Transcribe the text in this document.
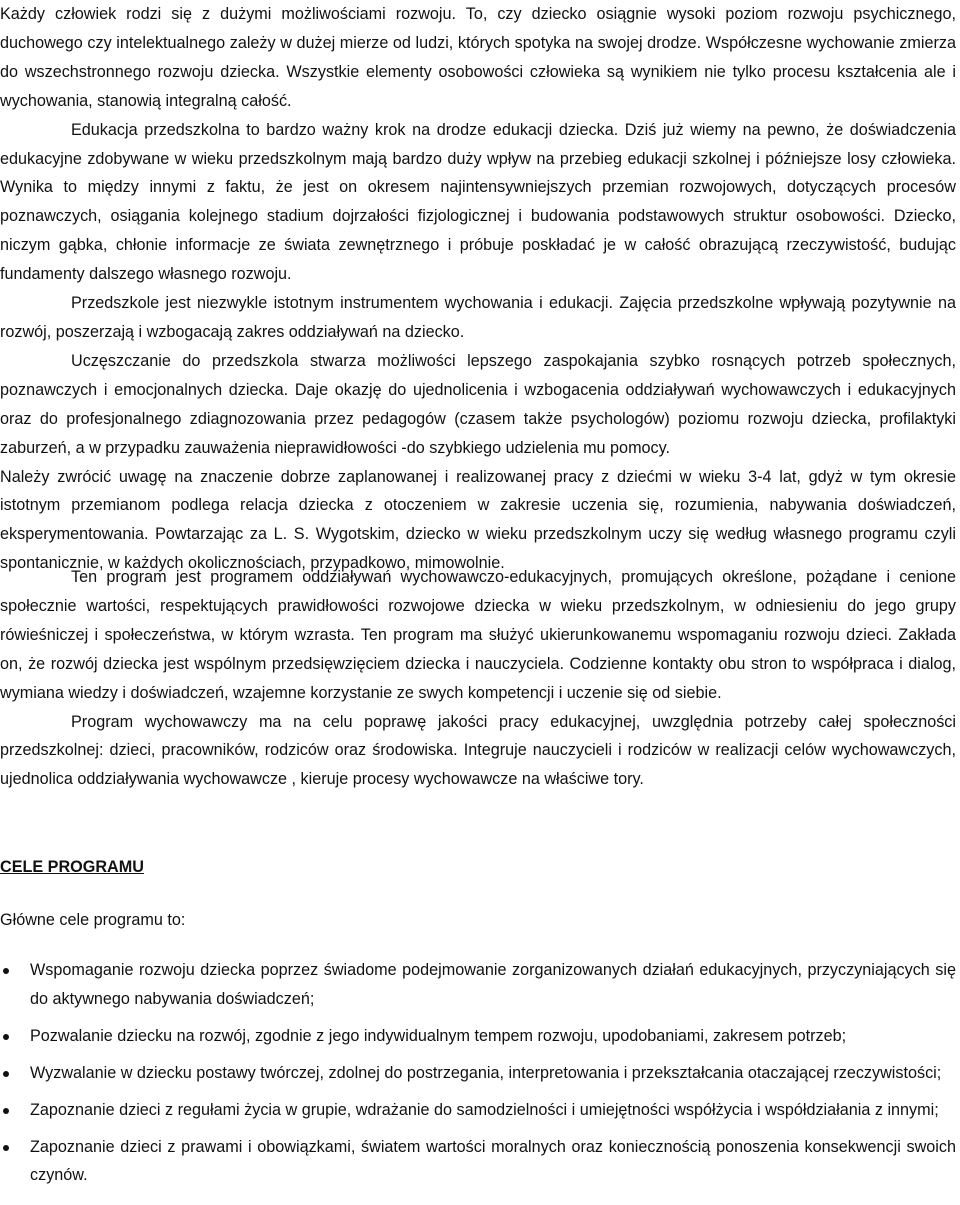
Każdy człowiek rodzi się z dużymi możliwościami rozwoju. To, czy dziecko osiągnie wysoki poziom rozwoju psychicznego, duchowego czy intelektualnego zależy w dużej mierze od ludzi, których spotyka na swojej drodze. Współczesne wychowanie zmierza do wszechstronnego rozwoju dziecka. Wszystkie elementy osobowości człowieka są wynikiem nie tylko procesu kształcenia ale i wychowania, stanowią integralną całość.

Edukacja przedszkolna to bardzo ważny krok na drodze edukacji dziecka. Dziś już wiemy na pewno, że doświadczenia edukacyjne zdobywane w wieku przedszkolnym mają bardzo duży wpływ na przebieg edukacji szkolnej i późniejsze losy człowieka. Wynika to między innymi z faktu, że jest on okresem najintensywniejszych przemian rozwojowych, dotyczących procesów poznawczych, osiągania kolejnego stadium dojrzałości fizjologicznej i budowania podstawowych struktur osobowości. Dziecko, niczym gąbka, chłonie informacje ze świata zewnętrznego i próbuje poskładać je w całość obrazującą rzeczywistość, budując fundamenty dalszego własnego rozwoju.

Przedszkole jest niezwykle istotnym instrumentem wychowania i edukacji. Zajęcia przedszkolne wpływają pozytywnie na rozwój, poszerzają i wzbogacają zakres oddziaływań na dziecko.

Uczęszczanie do przedszkola stwarza możliwości lepszego zaspokajania szybko rosnących potrzeb społecznych, poznawczych i emocjonalnych dziecka. Daje okazję do ujednolicenia i wzbogacenia oddziaływań wychowawczych i edukacyjnych oraz do profesjonalnego zdiagnozowania przez pedagogów (czasem także psychologów) poziomu rozwoju dziecka, profilaktyki zaburzeń, a w przypadku zauważenia nieprawidłowości -do szybkiego udzielenia mu pomocy.

Należy zwrócić uwagę na znaczenie dobrze zaplanowanej i realizowanej pracy z dziećmi w wieku 3-4 lat, gdyż w tym okresie istotnym przemianom podlega relacja dziecka z otoczeniem w zakresie uczenia się, rozumienia, nabywania doświadczeń, eksperymentowania. Powtarzając za L. S. Wygotskim, dziecko w wieku przedszkolnym uczy się według własnego programu czyli spontanicznie, w każdych okolicznościach, przypadkowo, mimowolnie.

Ten program jest programem oddziaływań wychowawczo-edukacyjnych, promujących określone, pożądane i cenione społecznie wartości, respektujących prawidłowości rozwojowe dziecka w wieku przedszkolnym, w odniesieniu do jego grupy rówieśniczej i społeczeństwa, w którym wzrasta. Ten program ma służyć ukierunkowanemu wspomaganiu rozwoju dzieci. Zakłada on, że rozwój dziecka jest wspólnym przedsięwzięciem dziecka i nauczyciela. Codzienne kontakty obu stron to współpraca i dialog, wymiana wiedzy i doświadczeń, wzajemne korzystanie ze swych kompetencji i uczenie się od siebie.

Program wychowawczy ma na celu poprawę jakości pracy edukacyjnej, uwzględnia potrzeby całej społeczności przedszkolnej: dzieci, pracowników, rodziców oraz środowiska. Integruje nauczycieli i rodziców w realizacji celów wychowawczych, ujednolica oddziaływania wychowawcze , kieruje procesy wychowawcze na właściwe tory.

CELE PROGRAMU
Główne cele programu to:
Wspomaganie rozwoju dziecka poprzez świadome podejmowanie zorganizowanych działań edukacyjnych, przyczyniających się do aktywnego nabywania doświadczeń;
Pozwalanie dziecku na rozwój, zgodnie z jego indywidualnym tempem rozwoju, upodobaniami, zakresem potrzeb;
Wyzwalanie w dziecku postawy twórczej, zdolnej do postrzegania, interpretowania i przekształcania otaczającej rzeczywistości;
Zapoznanie dzieci z regułami życia w grupie, wdrażanie do samodzielności i umiejętności współżycia i współdziałania z innymi;
Zapoznanie dzieci z prawami i obowiązkami, światem wartości moralnych oraz koniecznością ponoszenia konsekwencji swoich czynów.
